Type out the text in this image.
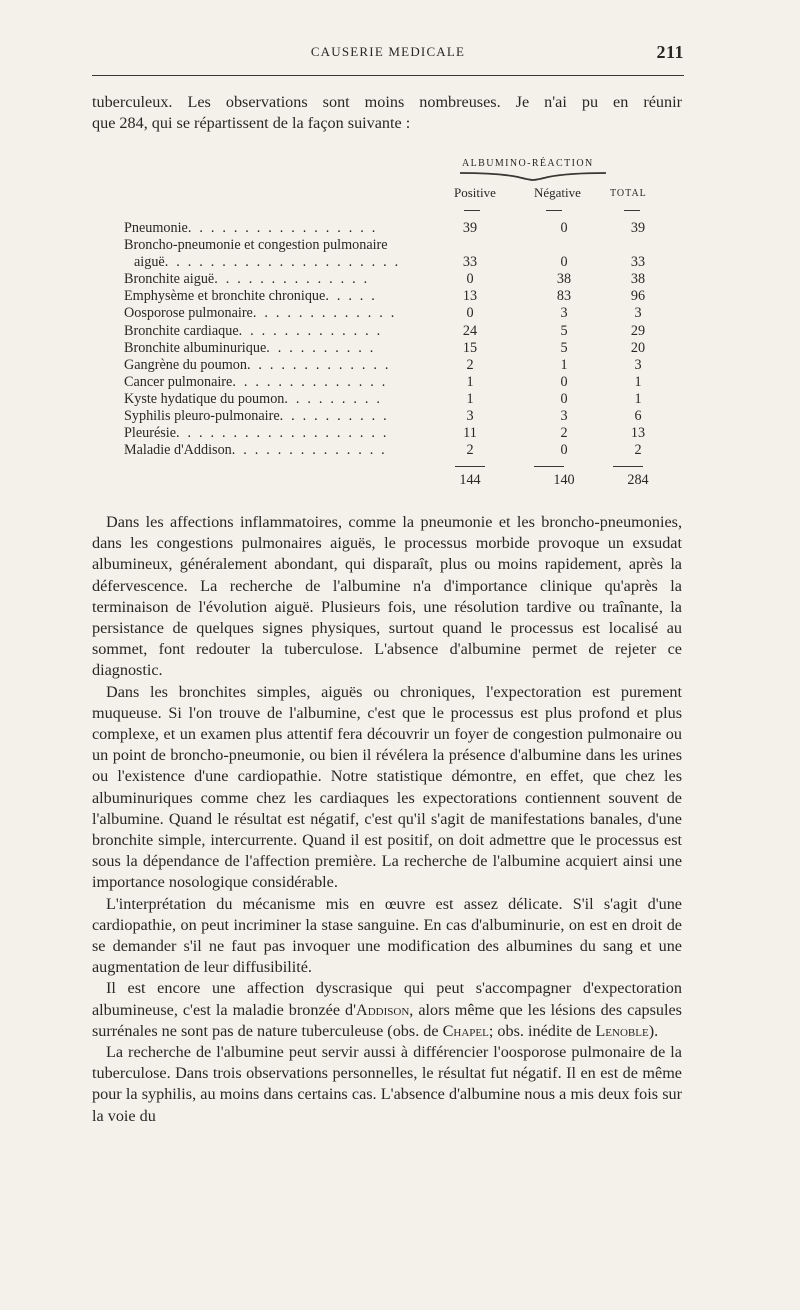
CAUSERIE MEDICALE	211
tuberculeux. Les observations sont moins nombreuses. Je n'ai pu en réunir
que 284, qui se répartissent de la façon suivante :
ALBUMINO-RÉACTION
Positive	Négative	TOTAL
Pneumonie. . . . . . . . . . . . . . . . .	39	0	39
Broncho-pneumonie et congestion pulmonaire
aiguë. . . . . . . . . . . . . . . . . . . . .	33	0	33
Bronchite aiguë. . . . . . . . . . . . . .	0	38	38
Emphysème et bronchite chronique. . . . .	13	83	96
Oosporose pulmonaire. . . . . . . . . . . . .	0	3	3
Bronchite cardiaque. . . . . . . . . . . . .	24	5	29
Bronchite albuminurique. . . . . . . . . .	15	5	20
Gangrène du poumon. . . . . . . . . . . . .	2	1	3
Cancer pulmonaire. . . . . . . . . . . . . .	1	0	1
Kyste hydatique du poumon. . . . . . . . .	1	0	1
Syphilis pleuro-pulmonaire. . . . . . . . . .	3	3	6
Pleurésie. . . . . . . . . . . . . . . . . . .	11	2	13
Maladie d'Addison. . . . . . . . . . . . . .	2	0	2
144	140	284

Dans les affections inflammatoires, comme la pneumonie et les broncho-pneumonies, dans les congestions pulmonaires aiguës, le processus morbide provoque un exsudat albumineux, généralement abondant, qui disparaît, plus ou moins rapidement, après la défervescence. La recherche de l'albumine n'a d'importance clinique qu'après la terminaison de l'évolution aiguë. Plusieurs fois, une résolution tardive ou traînante, la persistance de quelques signes physiques, surtout quand le processus est localisé au sommet, font redouter la tuberculose. L'absence d'albumine permet de rejeter ce diagnostic.

Dans les bronchites simples, aiguës ou chroniques, l'expectoration est purement muqueuse. Si l'on trouve de l'albumine, c'est que le processus est plus profond et plus complexe, et un examen plus attentif fera découvrir un foyer de congestion pulmonaire ou un point de broncho-pneumonie, ou bien il révélera la présence d'albumine dans les urines ou l'existence d'une cardiopathie. Notre statistique démontre, en effet, que chez les albuminuriques comme chez les cardiaques les expectorations contiennent souvent de l'albumine. Quand le résultat est négatif, c'est qu'il s'agit de manifestations banales, d'une bronchite simple, intercurrente. Quand il est positif, on doit admettre que le processus est sous la dépendance de l'affection première. La recherche de l'albumine acquiert ainsi une importance nosologique considérable.

L'interprétation du mécanisme mis en œuvre est assez délicate. S'il s'agit d'une cardiopathie, on peut incriminer la stase sanguine. En cas d'albuminurie, on est en droit de se demander s'il ne faut pas invoquer une modification des albumines du sang et une augmentation de leur diffusibilité.

Il est encore une affection dyscrasique qui peut s'accompagner d'expectoration albumineuse, c'est la maladie bronzée d'Addison, alors même que les lésions des capsules surrénales ne sont pas de nature tuberculeuse (obs. de Chapel; obs. inédite de Lenoble).

La recherche de l'albumine peut servir aussi à différencier l'oosporose pulmonaire de la tuberculose. Dans trois observations personnelles, le résultat fut négatif. Il en est de même pour la syphilis, au moins dans certains cas. L'absence d'albumine nous a mis deux fois sur la voie du
